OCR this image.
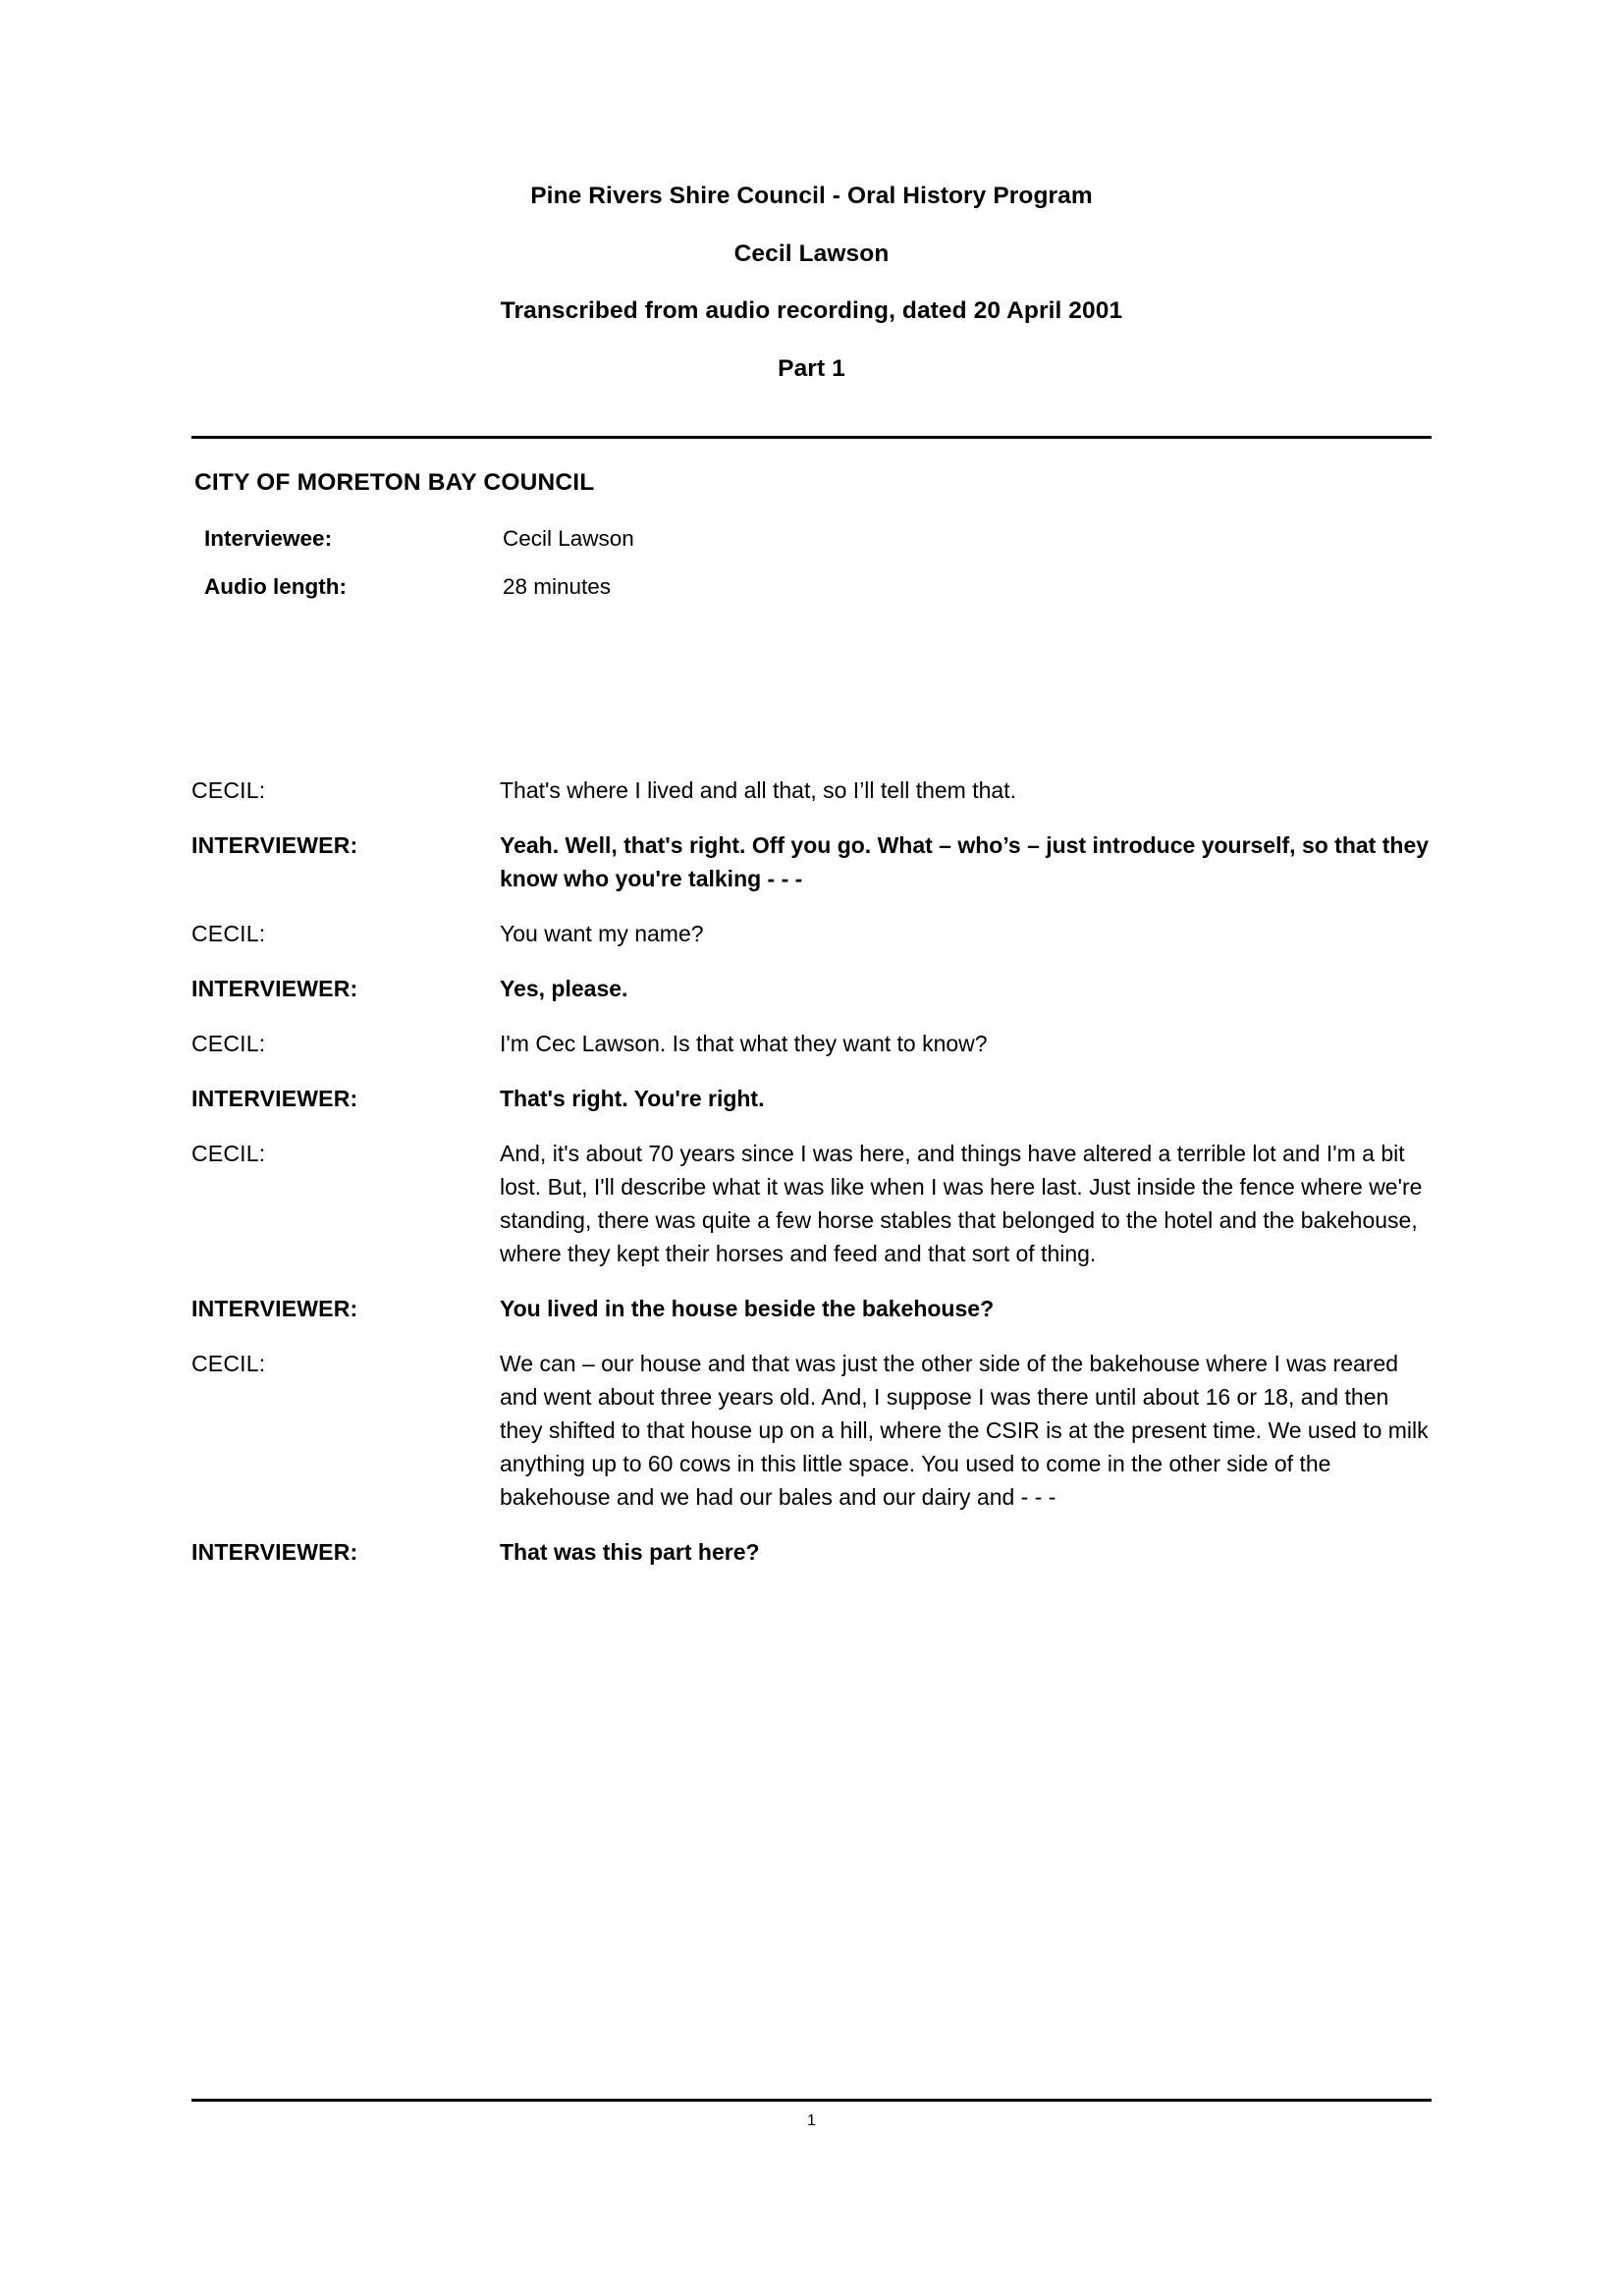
Pine Rivers Shire Council - Oral History Program
Cecil Lawson
Transcribed from audio recording, dated 20 April 2001
Part 1
CITY OF MORETON BAY COUNCIL
Interviewee:	Cecil Lawson
Audio length:	28 minutes
CECIL:	That's where I lived and all that, so I’ll tell them that.
INTERVIEWER:	Yeah. Well, that's right. Off you go. What – who’s – just introduce yourself, so that they know who you're talking - - -
CECIL:	You want my name?
INTERVIEWER:	Yes, please.
CECIL:	I'm Cec Lawson. Is that what they want to know?
INTERVIEWER:	That's right. You're right.
CECIL:	And, it's about 70 years since I was here, and things have altered a terrible lot and I'm a bit lost. But, I'll describe what it was like when I was here last. Just inside the fence where we're standing, there was quite a few horse stables that belonged to the hotel and the bakehouse, where they kept their horses and feed and that sort of thing.
INTERVIEWER:	You lived in the house beside the bakehouse?
CECIL:	We can – our house and that was just the other side of the bakehouse where I was reared and went about three years old. And, I suppose I was there until about 16 or 18, and then they shifted to that house up on a hill, where the CSIR is at the present time. We used to milk anything up to 60 cows in this little space. You used to come in the other side of the bakehouse and we had our bales and our dairy and - - -
INTERVIEWER:	That was this part here?
1
